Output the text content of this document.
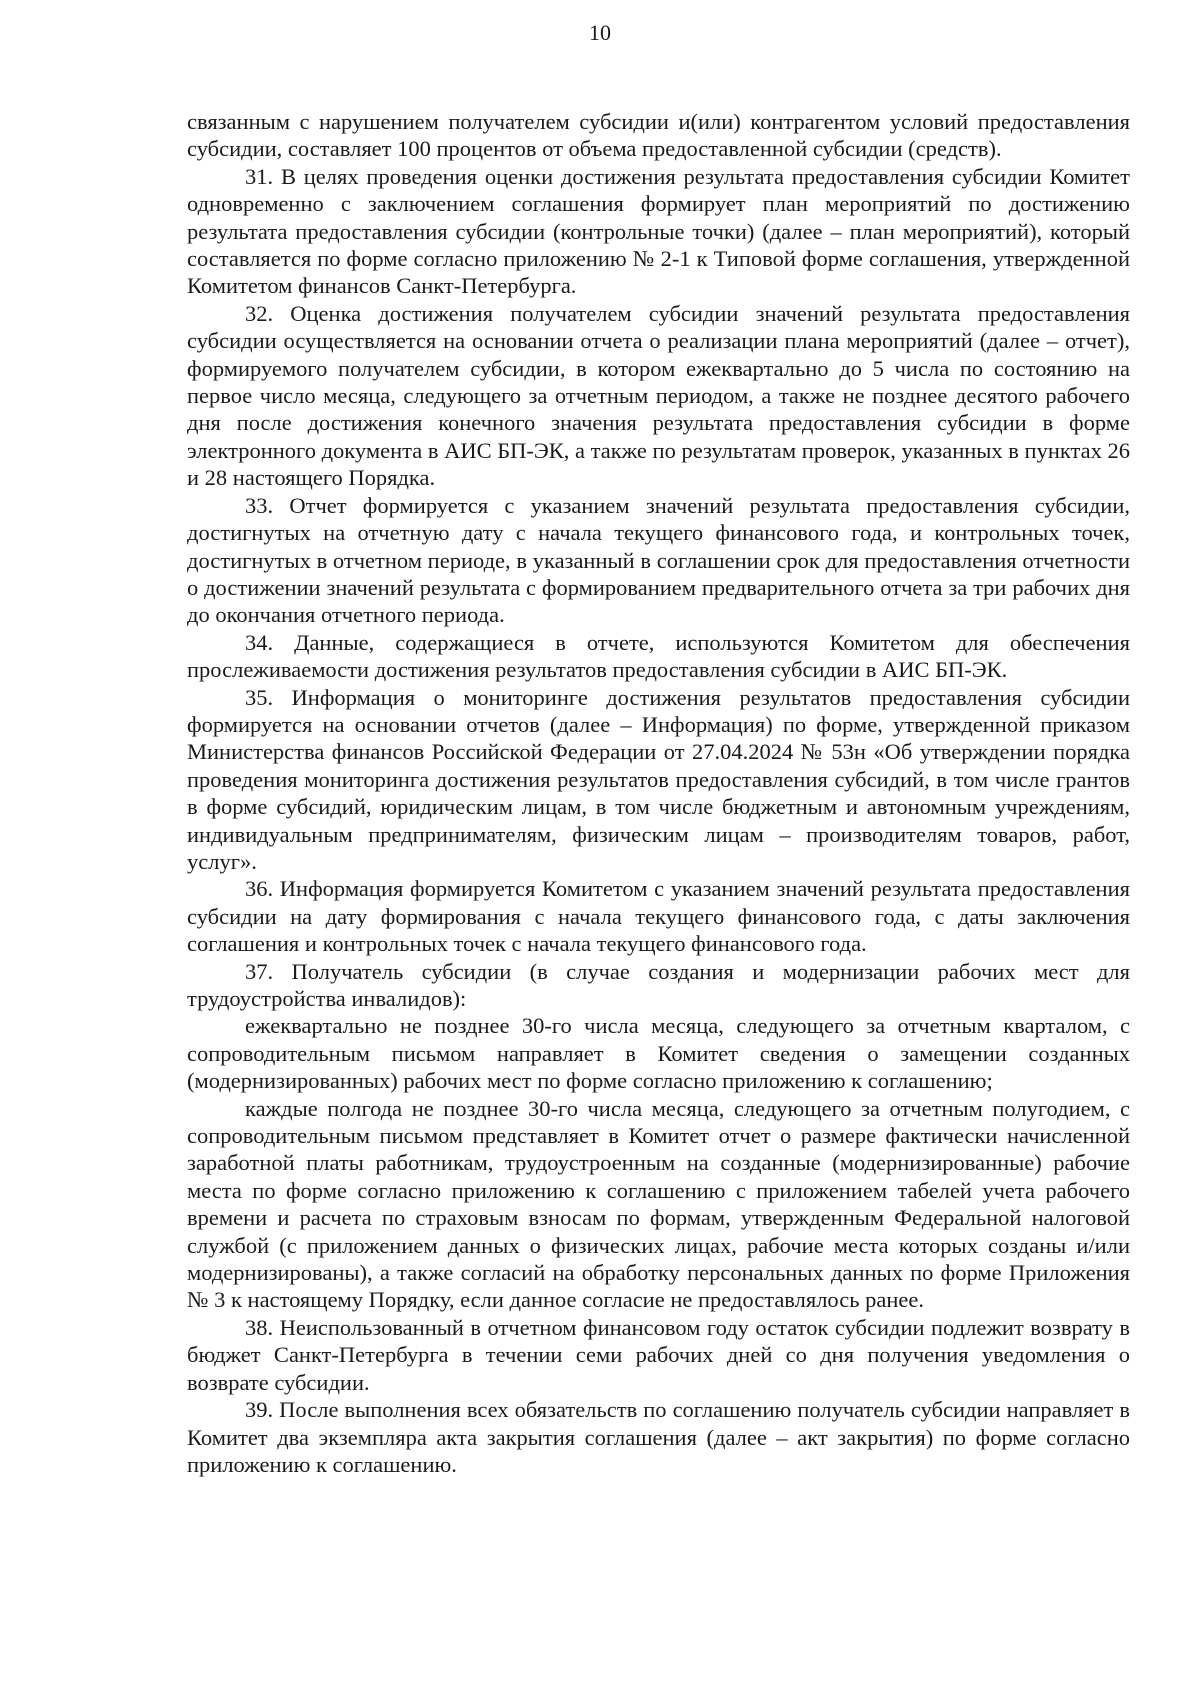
10

связанным с нарушением получателем субсидии и(или) контрагентом условий предоставления субсидии, составляет 100 процентов от объема предоставленной субсидии (средств).

31. В целях проведения оценки достижения результата предоставления субсидии Комитет одновременно с заключением соглашения формирует план мероприятий по достижению результата предоставления субсидии (контрольные точки) (далее – план мероприятий), который составляется по форме согласно приложению № 2-1 к Типовой форме соглашения, утвержденной Комитетом финансов Санкт-Петербурга.

32. Оценка достижения получателем субсидии значений результата предоставления субсидии осуществляется на основании отчета о реализации плана мероприятий (далее – отчет), формируемого получателем субсидии, в котором ежеквартально до 5 числа по состоянию на первое число месяца, следующего за отчетным периодом, а также не позднее десятого рабочего дня после достижения конечного значения результата предоставления субсидии в форме электронного документа в АИС БП-ЭК, а также по результатам проверок, указанных в пунктах 26 и 28 настоящего Порядка.

33. Отчет формируется с указанием значений результата предоставления субсидии, достигнутых на отчетную дату с начала текущего финансового года, и контрольных точек, достигнутых в отчетном периоде, в указанный в соглашении срок для предоставления отчетности о достижении значений результата с формированием предварительного отчета за три рабочих дня до окончания отчетного периода.

34. Данные, содержащиеся в отчете, используются Комитетом для обеспечения прослеживаемости достижения результатов предоставления субсидии в АИС БП-ЭК.

35. Информация о мониторинге достижения результатов предоставления субсидии формируется на основании отчетов (далее – Информация) по форме, утвержденной приказом Министерства финансов Российской Федерации от 27.04.2024 № 53н «Об утверждении порядка проведения мониторинга достижения результатов предоставления субсидий, в том числе грантов в форме субсидий, юридическим лицам, в том числе бюджетным и автономным учреждениям, индивидуальным предпринимателям, физическим лицам – производителям товаров, работ, услуг».

36. Информация формируется Комитетом с указанием значений результата предоставления субсидии на дату формирования с начала текущего финансового года, с даты заключения соглашения и контрольных точек с начала текущего финансового года.

37. Получатель субсидии (в случае создания и модернизации рабочих мест для трудоустройства инвалидов):

ежеквартально не позднее 30-го числа месяца, следующего за отчетным кварталом, с сопроводительным письмом направляет в Комитет сведения о замещении созданных (модернизированных) рабочих мест по форме согласно приложению к соглашению;

каждые полгода не позднее 30-го числа месяца, следующего за отчетным полугодием, с сопроводительным письмом представляет в Комитет отчет о размере фактически начисленной заработной платы работникам, трудоустроенным на созданные (модернизированные) рабочие места по форме согласно приложению к соглашению с приложением табелей учета рабочего времени и расчета по страховым взносам по формам, утвержденным Федеральной налоговой службой (с приложением данных о физических лицах, рабочие места которых созданы и/или модернизированы), а также согласий на обработку персональных данных по форме Приложения № 3 к настоящему Порядку, если данное согласие не предоставлялось ранее.

38. Неиспользованный в отчетном финансовом году остаток субсидии подлежит возврату в бюджет Санкт-Петербурга в течении семи рабочих дней со дня получения уведомления о возврате субсидии.

39. После выполнения всех обязательств по соглашению получатель субсидии направляет в Комитет два экземпляра акта закрытия соглашения (далее – акт закрытия) по форме согласно приложению к соглашению.
